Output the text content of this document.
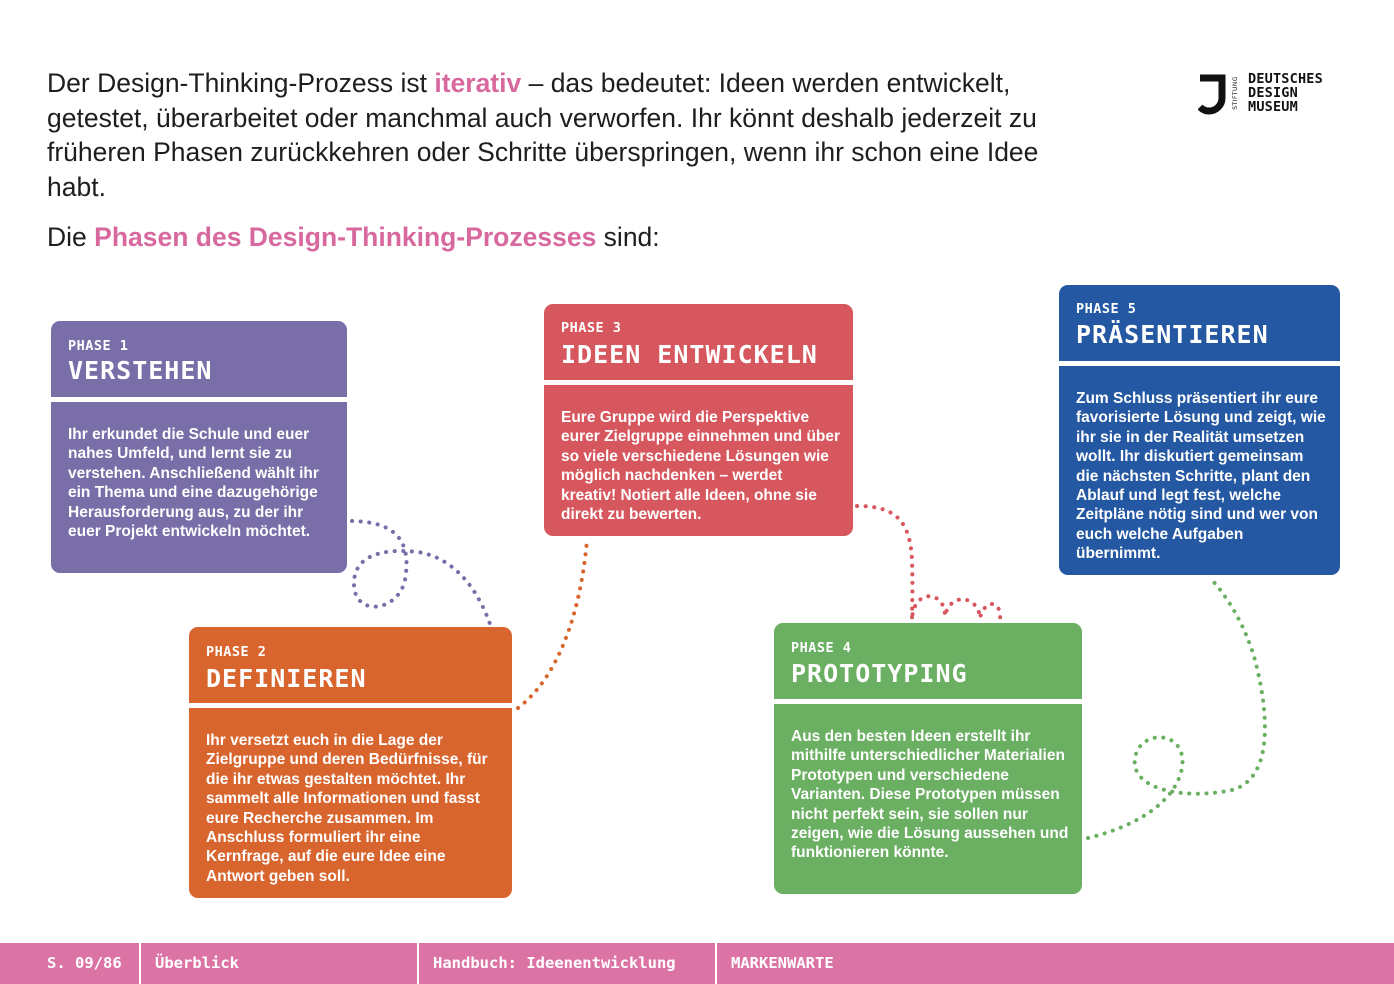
Der Design-Thinking-Prozess ist iterativ – das bedeutet: Ideen werden entwickelt, getestet, überarbeitet oder manchmal auch verworfen. Ihr könnt deshalb jederzeit zu früheren Phasen zurückkehren oder Schritte überspringen, wenn ihr schon eine Idee habt.

Die Phasen des Design-Thinking-Prozesses sind:

STIFTUNG DEUTSCHES
DESIGN
MUSEUM
PHASE 1
VERSTEHEN

Ihr erkundet die Schule und euer nahes Umfeld, und lernt sie zu verstehen. Anschließend wählt ihr ein Thema und eine dazugehörige Herausforderung aus, zu der ihr euer Projekt entwickeln möchtet.

PHASE 2
DEFINIEREN

Ihr versetzt euch in die Lage der Zielgruppe und deren Bedürfnisse, für die ihr etwas gestalten möchtet. Ihr sammelt alle Informationen und fasst eure Recherche zusammen. Im Anschluss formuliert ihr eine Kernfrage, auf die eure Idee eine Antwort geben soll.

PHASE 3
IDEEN ENTWICKELN

Eure Gruppe wird die Perspektive eurer Zielgruppe einnehmen und über so viele verschiedene Lösungen wie möglich nachdenken – werdet kreativ! Notiert alle Ideen, ohne sie direkt zu bewerten.

PHASE 4
PROTOTYPING

Aus den besten Ideen erstellt ihr mithilfe unterschiedlicher Materialien Prototypen und verschiedene Varianten. Diese Prototypen müssen nicht perfekt sein, sie sollen nur zeigen, wie die Lösung aussehen und funktionieren könnte.

PHASE 5
PRÄSENTIEREN

Zum Schluss präsentiert ihr eure favorisierte Lösung und zeigt, wie ihr sie in der Realität umsetzen wollt. Ihr diskutiert gemeinsam die nächsten Schritte, plant den Ablauf und legt fest, welche Zeitpläne nötig sind und wer von euch welche Aufgaben übernimmt.

S. 09/86 Überblick	Handbuch: Ideenentwicklung	MARKENWARTE
